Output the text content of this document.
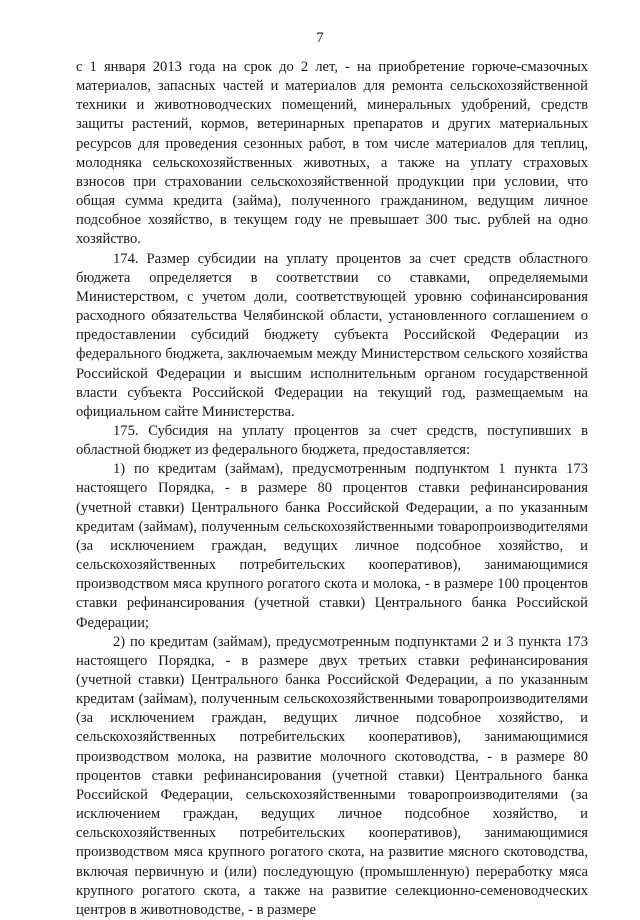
7

с 1 января 2013 года на срок до 2 лет, - на приобретение горюче-смазочных материалов, запасных частей и материалов для ремонта сельскохозяйственной техники и животноводческих помещений, минеральных удобрений, средств защиты растений, кормов, ветеринарных препаратов и других материальных ресурсов для проведения сезонных работ, в том числе материалов для теплиц, молодняка сельскохозяйственных животных, а также на уплату страховых взносов при страховании сельскохозяйственной продукции при условии, что общая сумма кредита (займа), полученного гражданином, ведущим личное подсобное хозяйство, в текущем году не превышает 300 тыс. рублей на одно хозяйство.

174. Размер субсидии на уплату процентов за счет средств областного бюджета определяется в соответствии со ставками, определяемыми Министерством, с учетом доли, соответствующей уровню софинансирования расходного обязательства Челябинской области, установленного соглашением о предоставлении субсидий бюджету субъекта Российской Федерации из федерального бюджета, заключаемым между Министерством сельского хозяйства Российской Федерации и высшим исполнительным органом государственной власти субъекта Российской Федерации на текущий год, размещаемым на официальном сайте Министерства.

175. Субсидия на уплату процентов за счет средств, поступивших в областной бюджет из федерального бюджета, предоставляется:

1) по кредитам (займам), предусмотренным подпунктом 1 пункта 173 настоящего Порядка, - в размере 80 процентов ставки рефинансирования (учетной ставки) Центрального банка Российской Федерации, а по указанным кредитам (займам), полученным сельскохозяйственными товаропроизводителями (за исключением граждан, ведущих личное подсобное хозяйство, и сельскохозяйственных потребительских кооперативов), занимающимися производством мяса крупного рогатого скота и молока, - в размере 100 процентов ставки рефинансирования (учетной ставки) Центрального банка Российской Федерации;

2) по кредитам (займам), предусмотренным подпунктами 2 и 3 пункта 173 настоящего Порядка, - в размере двух третьих ставки рефинансирования (учетной ставки) Центрального банка Российской Федерации, а по указанным кредитам (займам), полученным сельскохозяйственными товаропроизводителями (за исключением граждан, ведущих личное подсобное хозяйство, и сельскохозяйственных потребительских кооперативов), занимающимися производством молока, на развитие молочного скотоводства, - в размере 80 процентов ставки рефинансирования (учетной ставки) Центрального банка Российской Федерации, сельскохозяйственными товаропроизводителями (за исключением граждан, ведущих личное подсобное хозяйство, и сельскохозяйственных потребительских кооперативов), занимающимися производством мяса крупного рогатого скота, на развитие мясного скотоводства, включая первичную и (или) последующую (промышленную) переработку мяса крупного рогатого скота, а также на развитие селекционно-семеноводческих центров в животноводстве, - в размере
